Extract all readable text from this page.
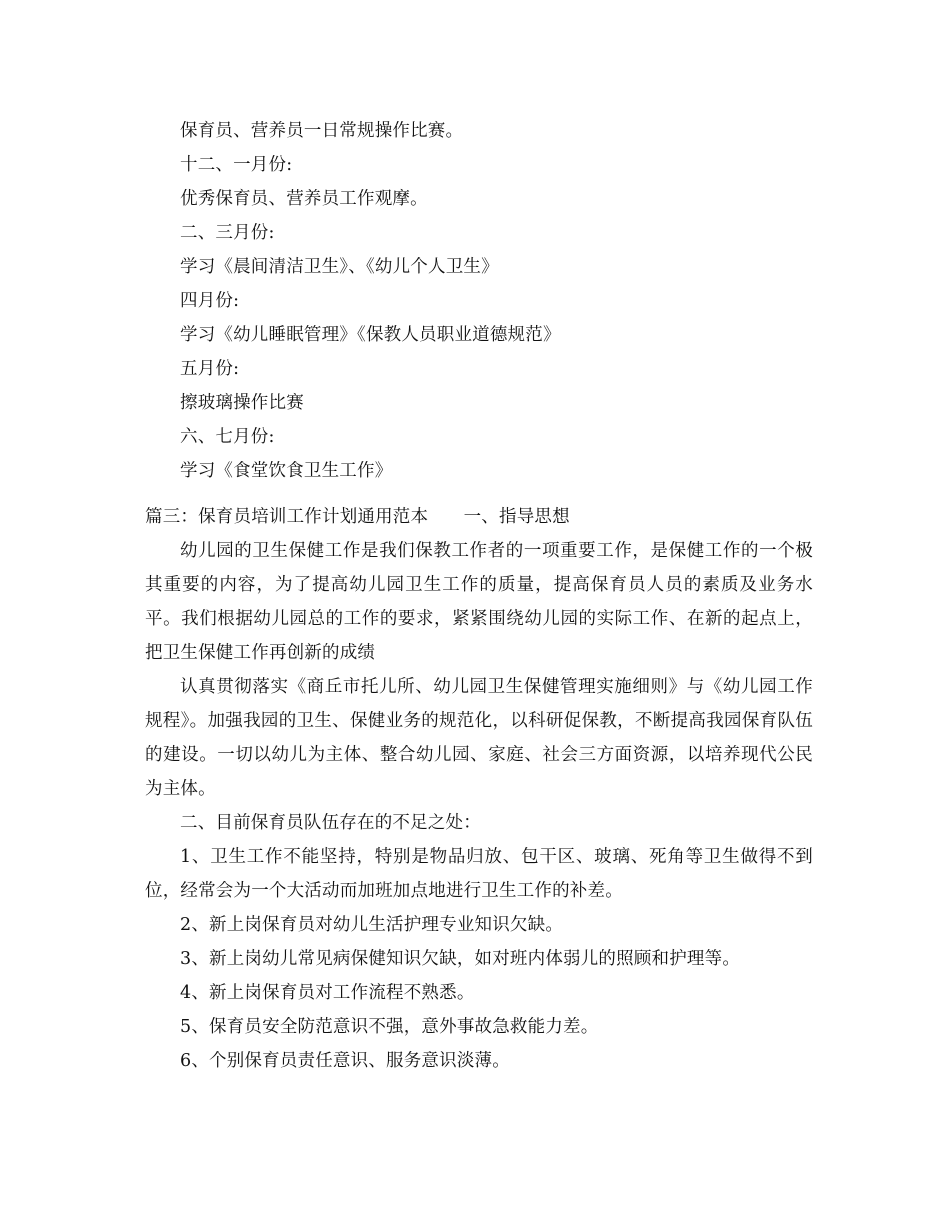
保育员、营养员一日常规操作比赛。

十二、一月份:

优秀保育员、营养员工作观摩。

二、三月份:

学习《晨间清洁卫生》、《幼儿个人卫生》

四月份:

学习《幼儿睡眠管理》《保教人员职业道德规范》

五月份:

擦玻璃操作比赛

六、七月份:

学习《食堂饮食卫生工作》

篇三：保育员培训工作计划通用范本　　一、指导思想

幼儿园的卫生保健工作是我们保教工作者的一项重要工作，是保健工作的一个极其重要的内容，为了提高幼儿园卫生工作的质量，提高保育员人员的素质及业务水平。我们根据幼儿园总的工作的要求，紧紧围绕幼儿园的实际工作、在新的起点上，把卫生保健工作再创新的成绩

认真贯彻落实《商丘市托儿所、幼儿园卫生保健管理实施细则》与《幼儿园工作规程》。加强我园的卫生、保健业务的规范化，以科研促保教，不断提高我园保育队伍的建设。一切以幼儿为主体、整合幼儿园、家庭、社会三方面资源，以培养现代公民为主体。

二、目前保育员队伍存在的不足之处：

1、卫生工作不能坚持，特别是物品归放、包干区、玻璃、死角等卫生做得不到位，经常会为一个大活动而加班加点地进行卫生工作的补差。

2、新上岗保育员对幼儿生活护理专业知识欠缺。

3、新上岗幼儿常见病保健知识欠缺，如对班内体弱儿的照顾和护理等。

4、新上岗保育员对工作流程不熟悉。

5、保育员安全防范意识不强，意外事故急救能力差。

6、个别保育员责任意识、服务意识淡薄。
